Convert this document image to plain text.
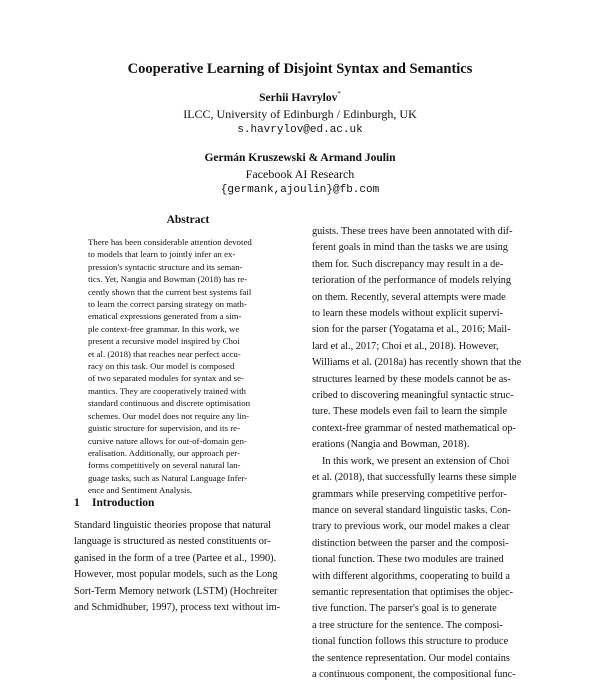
Cooperative Learning of Disjoint Syntax and Semantics
Serhii Havrylov*
ILCC, University of Edinburgh / Edinburgh, UK
s.havrylov@ed.ac.uk
Germán Kruszewski & Armand Joulin
Facebook AI Research
{germank,ajoulin}@fb.com
Abstract
There has been considerable attention devoted
to models that learn to jointly infer an ex-
pression's syntactic structure and its seman-
tics. Yet, Nangia and Bowman (2018) has re-
cently shown that the current best systems fail
to learn the correct parsing strategy on math-
ematical expressions generated from a sim-
ple context-free grammar. In this work, we
present a recursive model inspired by Choi
et al. (2018) that reaches near perfect accu-
racy on this task. Our model is composed
of two separated modules for syntax and se-
mantics. They are cooperatively trained with
standard continuous and discrete optimisation
schemes. Our model does not require any lin-
guistic structure for supervision, and its re-
cursive nature allows for out-of-domain gen-
eralisation. Additionally, our approach per-
forms competitively on several natural lan-
guage tasks, such as Natural Language Infer-
ence and Sentiment Analysis.
1 Introduction
Standard linguistic theories propose that natural
language is structured as nested constituents or-
ganised in the form of a tree (Partee et al., 1990).
However, most popular models, such as the Long
Sort-Term Memory network (LSTM) (Hochreiter
and Schmidhuber, 1997), process text without im-
guists. These trees have been annotated with dif-
ferent goals in mind than the tasks we are using
them for. Such discrepancy may result in a de-
terioration of the performance of models relying
on them. Recently, several attempts were made
to learn these models without explicit supervi-
sion for the parser (Yogatama et al., 2016; Mail-
lard et al., 2017; Choi et al., 2018). However,
Williams et al. (2018a) has recently shown that the
structures learned by these models cannot be as-
cribed to discovering meaningful syntactic struc-
ture. These models even fail to learn the simple
context-free grammar of nested mathematical op-
erations (Nangia and Bowman, 2018).
In this work, we present an extension of Choi
et al. (2018), that successfully learns these simple
grammars while preserving competitive perfor-
mance on several standard linguistic tasks. Con-
trary to previous work, our model makes a clear
distinction between the parser and the composi-
tional function. These two modules are trained
with different algorithms, cooperating to build a
semantic representation that optimises the objec-
tive function. The parser's goal is to generate
a tree structure for the sentence. The composi-
tional function follows this structure to produce
the sentence representation. Our model contains
a continuous component, the compositional func-
